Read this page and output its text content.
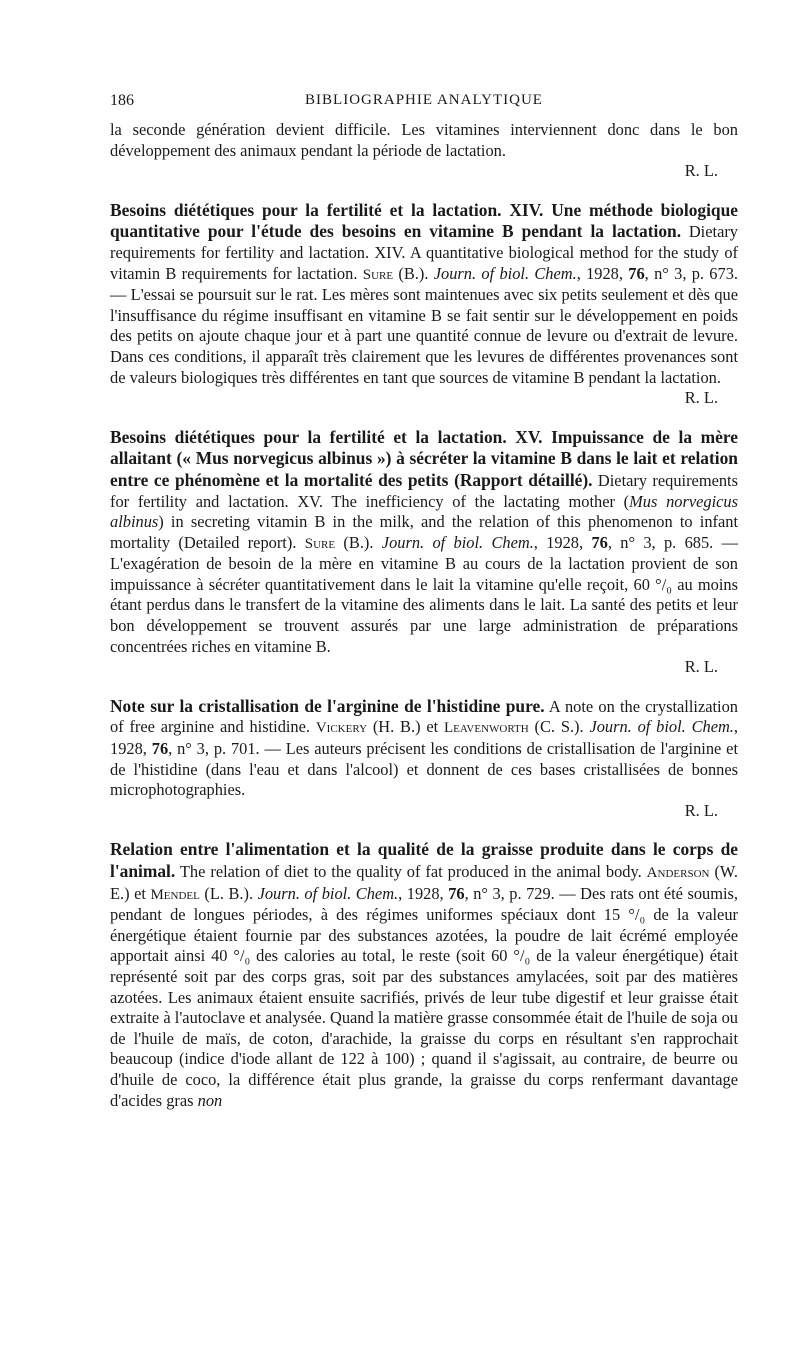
186	BIBLIOGRAPHIE ANALYTIQUE

la seconde génération devient difficile. Les vitamines interviennent donc dans le bon développement des animaux pendant la période de lactation.

R. L.

Besoins diététiques pour la fertilité et la lactation. XIV. Une méthode biologique quantitative pour l'étude des besoins en vitamine B pendant la lactation. Dietary requirements for fertility and lactation. XIV. A quantitative biological method for the study of vitamin B requirements for lactation. Sure (B.). Journ. of biol. Chem., 1928, 76, n° 3, p. 673. — L'essai se poursuit sur le rat. Les mères sont maintenues avec six petits seulement et dès que l'insuffisance du régime insuffisant en vitamine B se fait sentir sur le développement en poids des petits on ajoute chaque jour et à part une quantité connue de levure ou d'extrait de levure. Dans ces conditions, il apparaît très clairement que les levures de différentes provenances sont de valeurs biologiques très différentes en tant que sources de vitamine B pendant la lactation.

R. L.

Besoins diététiques pour la fertilité et la lactation. XV. Impuissance de la mère allaitant (« Mus norvegicus albinus ») à sécréter la vitamine B dans le lait et relation entre ce phénomène et la mortalité des petits (Rapport détaillé). Dietary requirements for fertility and lactation. XV. The inefficiency of the lactating mother (Mus norvegicus albinus) in secreting vitamin B in the milk, and the relation of this phenomenon to infant mortality (Detailed report). Sure (B.). Journ. of biol. Chem., 1928, 76, n° 3, p. 685. — L'exagération de besoin de la mère en vitamine B au cours de la lactation provient de son impuissance à sécréter quantitativement dans le lait la vitamine qu'elle reçoit, 60 °/₀ au moins étant perdus dans le transfert de la vitamine des aliments dans le lait. La santé des petits et leur bon développement se trouvent assurés par une large administration de préparations concentrées riches en vitamine B.

R. L.

Note sur la cristallisation de l'arginine de l'histidine pure. A note on the crystallization of free arginine and histidine. Vickery (H. B.) et Leavenworth (C. S.). Journ. of biol. Chem., 1928, 76, n° 3, p. 701. — Les auteurs précisent les conditions de cristallisation de l'arginine et de l'histidine (dans l'eau et dans l'alcool) et donnent de ces bases cristallisées de bonnes microphotographies.

R. L.

Relation entre l'alimentation et la qualité de la graisse produite dans le corps de l'animal. The relation of diet to the quality of fat produced in the animal body. Anderson (W. E.) et Mendel (L. B.). Journ. of biol. Chem., 1928, 76, n° 3, p. 729. — Des rats ont été soumis, pendant de longues périodes, à des régimes uniformes spéciaux dont 15 °/₀ de la valeur énergétique étaient fournie par des substances azotées, la poudre de lait écrémé employée apportait ainsi 40 °/₀ des calories au total, le reste (soit 60 °/₀ de la valeur énergétique) était représenté soit par des corps gras, soit par des substances amylacées, soit par des matières azotées. Les animaux étaient ensuite sacrifiés, privés de leur tube digestif et leur graisse était extraite à l'autoclave et analysée. Quand la matière grasse consommée était de l'huile de soja ou de l'huile de maïs, de coton, d'arachide, la graisse du corps en résultant s'en rapprochait beaucoup (indice d'iode allant de 122 à 100) ; quand il s'agissait, au contraire, de beurre ou d'huile de coco, la différence était plus grande, la graisse du corps renfermant davantage d'acides gras non
